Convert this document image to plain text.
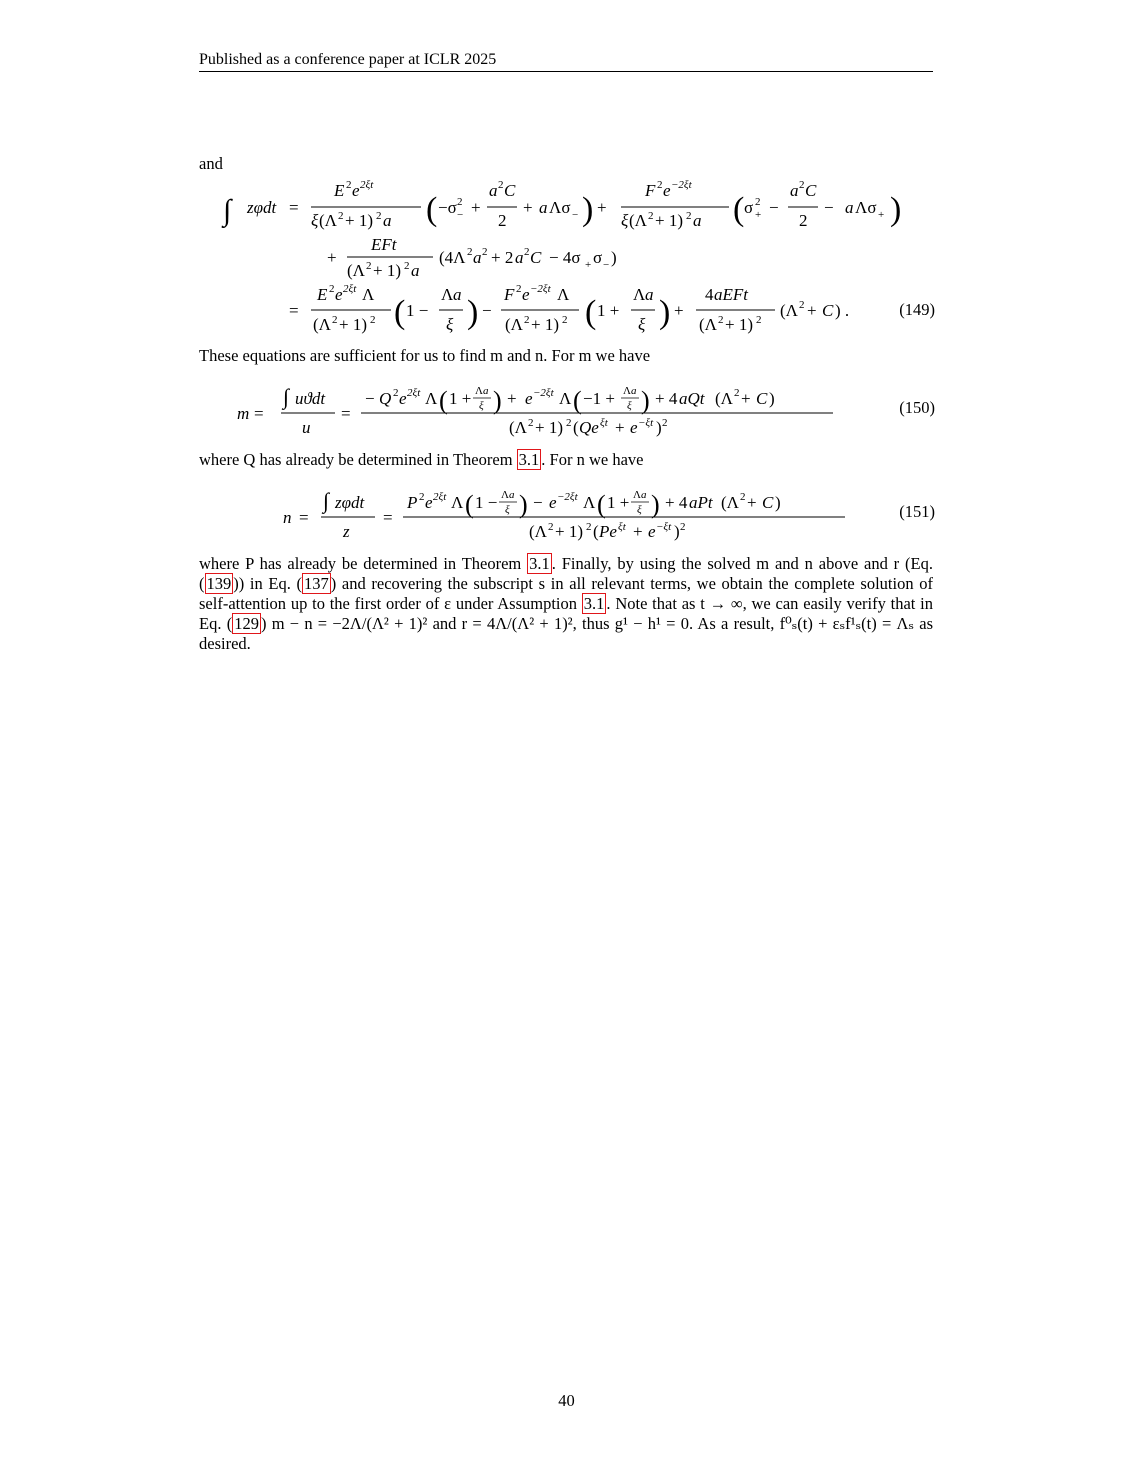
Published as a conference paper at ICLR 2025
and
∫ zφdt =
E 2 e 2ξt
ξ (Λ 2 + 1) 2 a ( −σ 2
− +
a 2 C
2
+ a Λσ − ) +
F 2 e −2ξt
ξ (Λ 2 + 1) 2 a ( σ 2
+ −
a 2 C
2
− a Λσ + )
+
EFt
(Λ 2 + 1) 2 a
(4Λ 2 a 2 + 2 a 2 C − 4σ + σ − )
=
E 2 e 2ξt Λ
(Λ 2 + 1) 2 ( 1 −
Λ a
ξ ) −
F 2 e −2ξt Λ
(Λ 2 + 1) 2 ( 1 +
Λ a
ξ ) +
4 aEFt
(Λ 2 + 1) 2 (Λ 2 + C ) .	(149)
These equations are sufficient for us to find m and n. For m we have
m =
∫ uϑdt
u
=
− Q 2 e 2ξt Λ ( 1 + Λ a
ξ ) + e −2ξt Λ ( −1 + Λ a
ξ ) + 4 aQt (Λ 2 + C )
(Λ 2 + 1) 2 ( Qe ξt + e −ξt ) 2
(150)
where Q has already be determined in Theorem 3.1 . For n we have
n =
∫ zφdt
z
=
P 2 e 2ξt Λ ( 1 − Λ a
ξ ) − e −2ξt Λ ( 1 + Λ a
ξ ) + 4 aPt (Λ 2 + C )
(Λ 2 + 1) 2 ( Pe ξt + e −ξt ) 2
(151)
where P has already be determined in Theorem 3.1 . Finally, by using the solved m and n above and r (Eq. ( 139 )) in Eq. ( 137 ) and recovering the subscript s in all relevant terms, we obtain the complete solution of self-attention up to the first order of ε under Assumption 3.1 . Note that as t → ∞, we can easily verify that in Eq. ( 129 ) m − n = −2Λ/(Λ² + 1)² and r = 4Λ/(Λ² + 1)², thus g¹ − h¹ = 0. As a result, f⁰ₛ(t) + εₛf¹ₛ(t) = Λₛ as desired.
40
